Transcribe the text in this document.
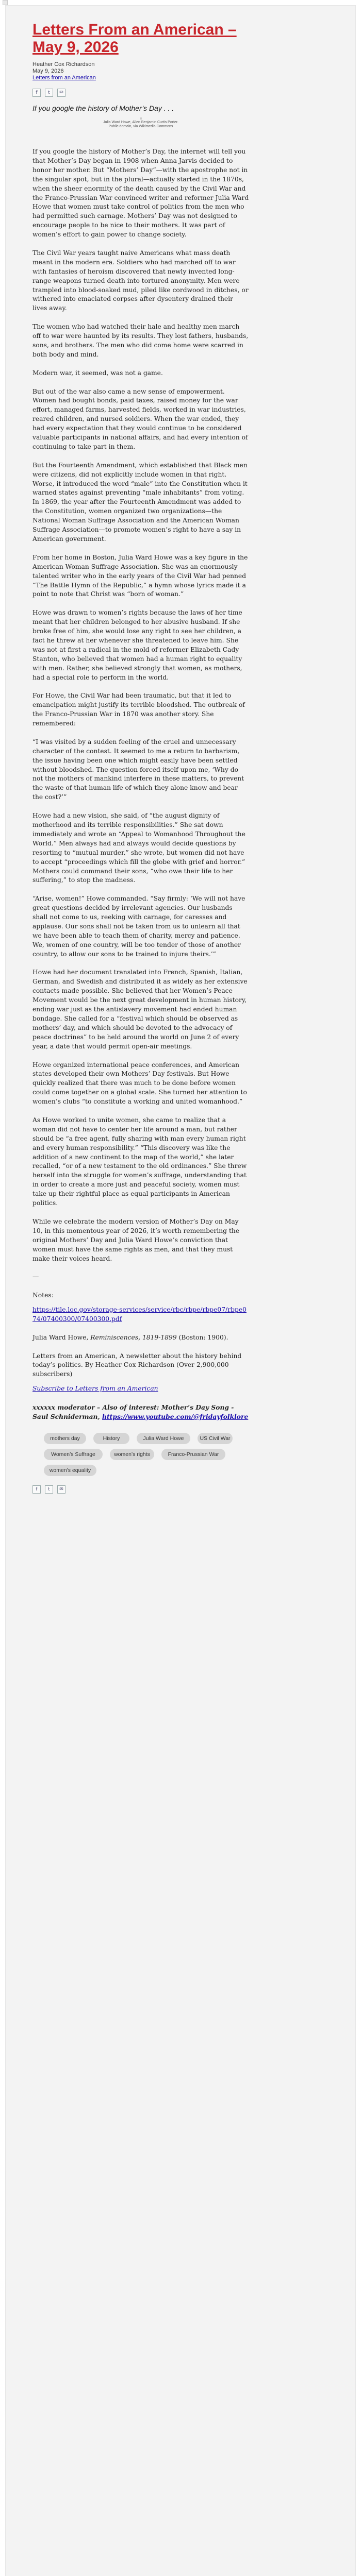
Letters From an American – May 9, 2026
Heather Cox Richardson
May 9, 2026
Letters from an American
f	t	✉
If you google the history of Mother’s Day . . .
Julia Ward Howe, Allen Benjamin Curtis Porter.
Public domain, via Wikimedia Commons

If you google the history of Mother’s Day, the internet will tell you that Mother’s Day began in 1908 when Anna Jarvis decided to honor her mother. But “Mothers’ Day”—with the apostrophe not in the singular spot, but in the plural—actually started in the 1870s, when the sheer enormity of the death caused by the Civil War and the Franco-Prussian War convinced writer and reformer Julia Ward Howe that women must take control of politics from the men who had permitted such carnage. Mothers’ Day was not designed to encourage people to be nice to their mothers. It was part of women’s effort to gain power to change society.

The Civil War years taught naive Americans what mass death meant in the modern era. Soldiers who had marched off to war with fantasies of heroism discovered that newly invented long-range weapons turned death into tortured anonymity. Men were trampled into blood-soaked mud, piled like cordwood in ditches, or withered into emaciated corpses after dysentery drained their lives away.

The women who had watched their hale and healthy men march off to war were haunted by its results. They lost fathers, husbands, sons, and brothers. The men who did come home were scarred in both body and mind.

Modern war, it seemed, was not a game.

But out of the war also came a new sense of empowerment. Women had bought bonds, paid taxes, raised money for the war effort, managed farms, harvested fields, worked in war industries, reared children, and nursed soldiers. When the war ended, they had every expectation that they would continue to be considered valuable participants in national affairs, and had every intention of continuing to take part in them.

But the Fourteenth Amendment, which established that Black men were citizens, did not explicitly include women in that right. Worse, it introduced the word “male” into the Constitution when it warned states against preventing “male inhabitants” from voting. In 1869, the year after the Fourteenth Amendment was added to the Constitution, women organized two organizations—the National Woman Suffrage Association and the American Woman Suffrage Association—to promote women’s right to have a say in American government.

From her home in Boston, Julia Ward Howe was a key figure in the American Woman Suffrage Association. She was an enormously talented writer who in the early years of the Civil War had penned “The Battle Hymn of the Republic,” a hymn whose lyrics made it a point to note that Christ was “born of woman.”

Howe was drawn to women’s rights because the laws of her time meant that her children belonged to her abusive husband. If she broke free of him, she would lose any right to see her children, a fact he threw at her whenever she threatened to leave him. She was not at first a radical in the mold of reformer Elizabeth Cady Stanton, who believed that women had a human right to equality with men. Rather, she believed strongly that women, as mothers, had a special role to perform in the world.

For Howe, the Civil War had been traumatic, but that it led to emancipation might justify its terrible bloodshed. The outbreak of the Franco-Prussian War in 1870 was another story. She remembered:

“I was visited by a sudden feeling of the cruel and unnecessary character of the contest. It seemed to me a return to barbarism, the issue having been one which might easily have been settled without bloodshed. The question forced itself upon me, ‘Why do not the mothers of mankind interfere in these matters, to prevent the waste of that human life of which they alone know and bear the cost?’”

Howe had a new vision, she said, of “the august dignity of motherhood and its terrible responsibilities.” She sat down immediately and wrote an “Appeal to Womanhood Throughout the World.” Men always had and always would decide questions by resorting to “mutual murder,” she wrote, but women did not have to accept “proceedings which fill the globe with grief and horror.” Mothers could command their sons, “who owe their life to her suffering,” to stop the madness.

“Arise, women!” Howe commanded. “Say firmly: ‘We will not have great questions decided by irrelevant agencies. Our husbands shall not come to us, reeking with carnage, for caresses and applause. Our sons shall not be taken from us to unlearn all that we have been able to teach them of charity, mercy and patience. We, women of one country, will be too tender of those of another country, to allow our sons to be trained to injure theirs.’”

Howe had her document translated into French, Spanish, Italian, German, and Swedish and distributed it as widely as her extensive contacts made possible. She believed that her Women’s Peace Movement would be the next great development in human history, ending war just as the antislavery movement had ended human bondage. She called for a “festival which should be observed as mothers’ day, and which should be devoted to the advocacy of peace doctrines” to be held around the world on June 2 of every year, a date that would permit open-air meetings.

Howe organized international peace conferences, and American states developed their own Mothers’ Day festivals. But Howe quickly realized that there was much to be done before women could come together on a global scale. She turned her attention to women’s clubs “to constitute a working and united womanhood.”

As Howe worked to unite women, she came to realize that a woman did not have to center her life around a man, but rather should be “a free agent, fully sharing with man every human right and every human responsibility.” “This discovery was like the addition of a new continent to the map of the world,” she later recalled, “or of a new testament to the old ordinances.” She threw herself into the struggle for women’s suffrage, understanding that in order to create a more just and peaceful society, women must take up their rightful place as equal participants in American politics.

While we celebrate the modern version of Mother’s Day on May 10, in this momentous year of 2026, it’s worth remembering the original Mothers’ Day and Julia Ward Howe’s conviction that women must have the same rights as men, and that they must make their voices heard.

—

Notes:

https://tile.loc.gov/storage-services/service/rbc/rbpe/rbpe07/rbpe074/07400300/07400300.pdf

Julia Ward Howe, Reminiscences, 1819-1899 (Boston: 1900).

Letters from an American, A newsletter about the history behind today’s politics. By Heather Cox Richardson (Over 2,900,000 subscribers)

Subscribe to Letters from an American

xxxxxx moderator – Also of interest: Mother’s Day Song - Saul Schniderman, https://www.youtube.com/@fridayfolklore
mothers day	History	Julia Ward Howe	US Civil War
Women’s Suffrage	women’s rights	Franco-Prussian War
women’s equality
f	t	✉
